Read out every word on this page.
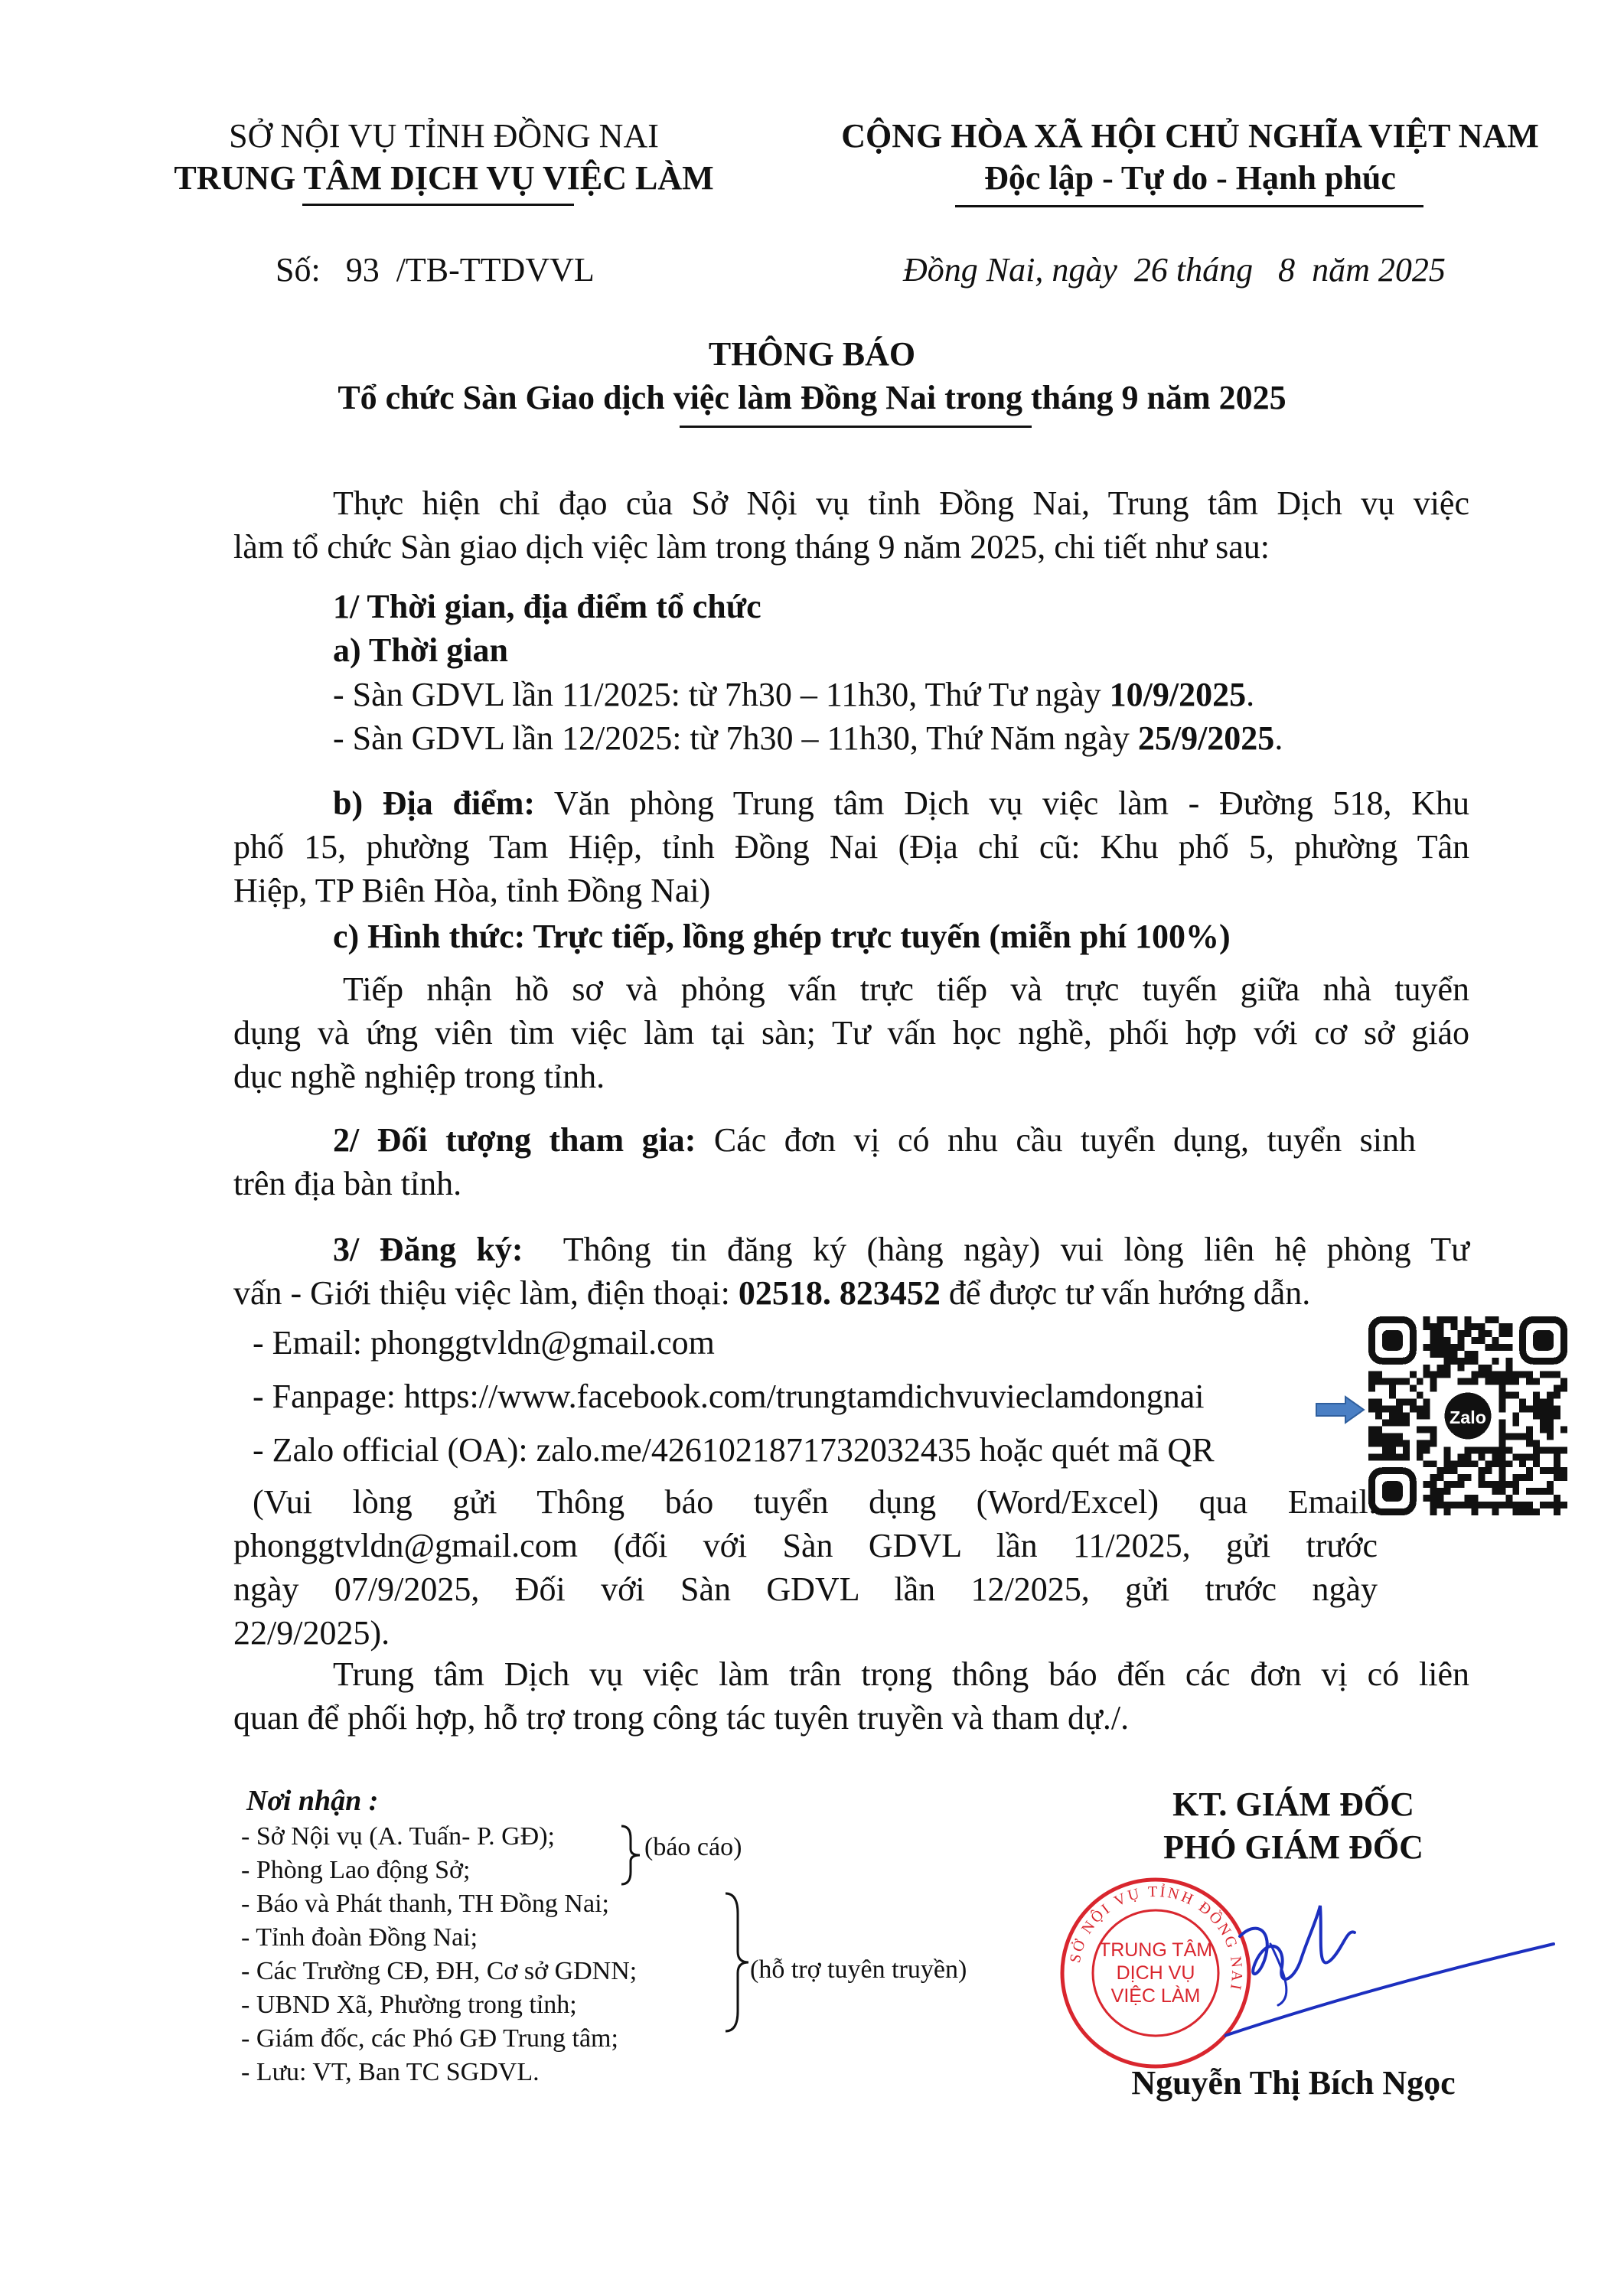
SỞ NỘI VỤ TỈNH ĐỒNG NAI
TRUNG TÂM DỊCH VỤ VIỆC LÀM
CỘNG HÒA XÃ HỘI CHỦ NGHĨA VIỆT NAM
Độc lập - Tự do - Hạnh phúc
Số:   93  /TB-TTDVVL	Đồng Nai, ngày  26 tháng   8  năm 2025
THÔNG BÁO
Tổ chức Sàn Giao dịch việc làm Đồng Nai trong tháng 9 năm 2025
Thực hiện chỉ đạo của Sở Nội vụ tỉnh Đồng Nai, Trung tâm Dịch vụ việc
làm tổ chức Sàn giao dịch việc làm trong tháng 9 năm 2025, chi tiết như sau:
1/ Thời gian, địa điểm tổ chức
a) Thời gian
- Sàn GDVL lần 11/2025: từ 7h30 – 11h30, Thứ Tư ngày 10/9/2025.
- Sàn GDVL lần 12/2025: từ 7h30 – 11h30, Thứ Năm ngày 25/9/2025.
b) Địa điểm: Văn phòng Trung tâm Dịch vụ việc làm - Đường 518, Khu
phố 15, phường Tam Hiệp, tỉnh Đồng Nai (Địa chỉ cũ: Khu phố 5, phường Tân
Hiệp, TP Biên Hòa, tỉnh Đồng Nai)
c) Hình thức: Trực tiếp, lồng ghép trực tuyến (miễn phí 100%)
Tiếp nhận hồ sơ và phỏng vấn trực tiếp và trực tuyến giữa nhà tuyển
dụng và ứng viên tìm việc làm tại sàn; Tư vấn học nghề, phối hợp với cơ sở giáo
dục nghề nghiệp trong tỉnh.
2/ Đối tượng tham gia: Các đơn vị có nhu cầu tuyển dụng, tuyển sinh
trên địa bàn tỉnh.
3/ Đăng ký:  Thông tin đăng ký (hàng ngày) vui lòng liên hệ phòng Tư
vấn - Giới thiệu việc làm, điện thoại: 02518. 823452 để được tư vấn hướng dẫn.
- Email: phonggtvldn@gmail.com
- Fanpage: https://www.facebook.com/trungtamdichvuvieclamdongnai
- Zalo official (OA): zalo.me/4261021871732032435 hoặc quét mã QR
Zalo
(Vui lòng gửi Thông báo tuyển dụng (Word/Excel) qua Email:
phonggtvldn@gmail.com (đối với Sàn GDVL lần 11/2025, gửi trước
ngày 07/9/2025, Đối với Sàn GDVL lần 12/2025, gửi trước ngày
22/9/2025).
Trung tâm Dịch vụ việc làm trân trọng thông báo đến các đơn vị có liên
quan để phối hợp, hỗ trợ trong công tác tuyên truyền và tham dự./.
Nơi nhận :
- Sở Nội vụ (A. Tuấn- P. GĐ);
- Phòng Lao động Sở;
- Báo và Phát thanh, TH Đồng Nai;
- Tỉnh đoàn Đồng Nai;
- Các Trường CĐ, ĐH, Cơ sở GDNN;
- UBND Xã, Phường trong tỉnh;
- Giám đốc, các Phó GĐ Trung tâm;
- Lưu: VT, Ban TC SGDVL.
(báo cáo)
(hỗ trợ tuyên truyền)
KT. GIÁM ĐỐC
PHÓ GIÁM ĐỐC
SỞ NỘI VỤ TỈNH ĐỒNG NAI
TRUNG TÂM
DỊCH VỤ
VIỆC LÀM
Nguyễn Thị Bích Ngọc
